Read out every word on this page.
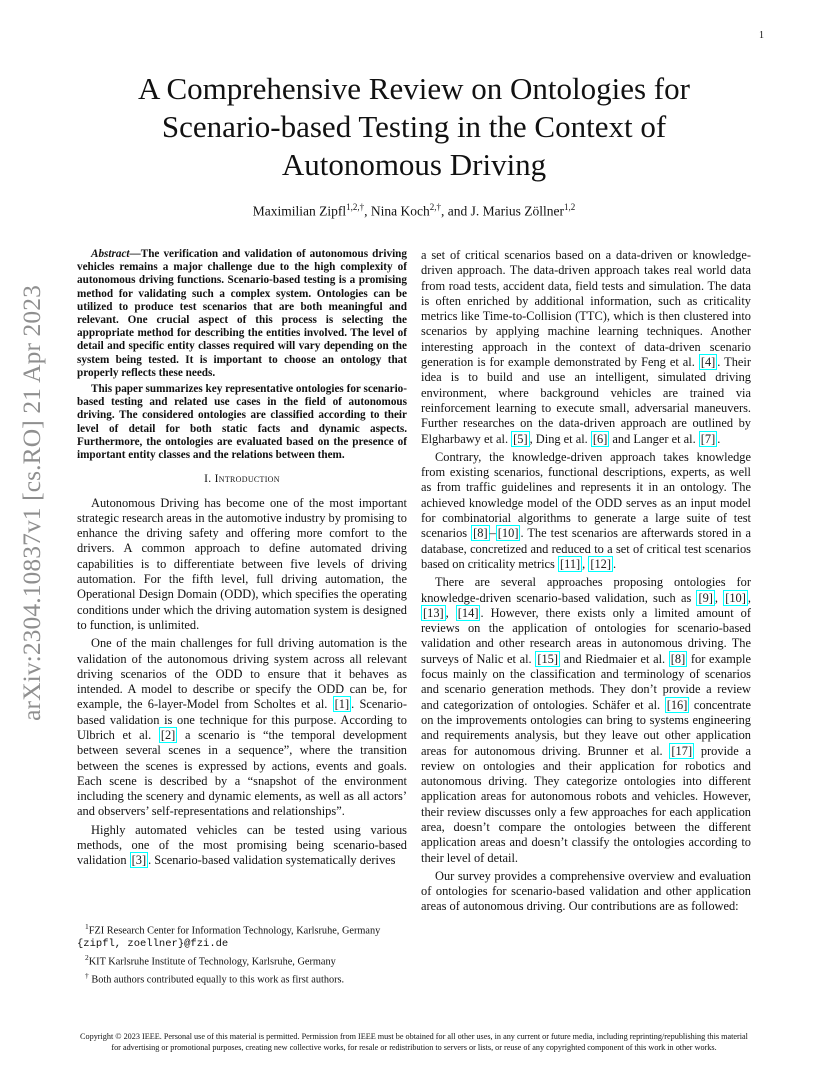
1
arXiv:2304.10837v1 [cs.RO] 21 Apr 2023
A Comprehensive Review on Ontologies for Scenario-based Testing in the Context of Autonomous Driving
Maximilian Zipfl$^{1,2,\dagger}$, Nina Koch$^{2,\dagger}$, and J. Marius Zöllner$^{1,2}$

Abstract—The verification and validation of autonomous driving vehicles remains a major challenge due to the high complexity of autonomous driving functions. Scenario-based testing is a promising method for validating such a complex system. Ontologies can be utilized to produce test scenarios that are both meaningful and relevant. One crucial aspect of this process is selecting the appropriate method for describing the entities involved. The level of detail and specific entity classes required will vary depending on the system being tested. It is important to choose an ontology that properly reflects these needs.

This paper summarizes key representative ontologies for scenario-based testing and related use cases in the field of autonomous driving. The considered ontologies are classified according to their level of detail for both static facts and dynamic aspects. Furthermore, the ontologies are evaluated based on the presence of important entity classes and the relations between them.

I. Introduction

Autonomous Driving has become one of the most important strategic research areas in the automotive industry by promising to enhance the driving safety and offering more comfort to the drivers. A common approach to define automated driving capabilities is to differentiate between five levels of driving automation. For the fifth level, full driving automation, the Operational Design Domain (ODD), which specifies the operating conditions under which the driving automation system is designed to function, is unlimited.

One of the main challenges for full driving automation is the validation of the autonomous driving system across all relevant driving scenarios of the ODD to ensure that it behaves as intended. A model to describe or specify the ODD can be, for example, the 6-layer-Model from Scholtes et al. [1] . Scenario-based validation is one technique for this purpose. According to Ulbrich et al. [2] a scenario is “the temporal development between several scenes in a sequence”, where the transition between the scenes is expressed by actions, events and goals. Each scene is described by a “snapshot of the environment including the scenery and dynamic elements, as well as all actors’ and observers’ self-representations and relationships”.

Highly automated vehicles can be tested using various methods, one of the most promising being scenario-based validation [3] . Scenario-based validation systematically derives

a set of critical scenarios based on a data-driven or knowledge-driven approach. The data-driven approach takes real world data from road tests, accident data, field tests and simulation. The data is often enriched by additional information, such as criticality metrics like Time-to-Collision (TTC), which is then clustered into scenarios by applying machine learning techniques. Another interesting approach in the context of data-driven scenario generation is for example demonstrated by Feng et al. [4] . Their idea is to build and use an intelligent, simulated driving environment, where background vehicles are trained via reinforcement learning to execute small, adversarial maneuvers. Further researches on the data-driven approach are outlined by Elgharbawy et al. [5] , Ding et al. [6] and Langer et al. [7] .

Contrary, the knowledge-driven approach takes knowledge from existing scenarios, functional descriptions, experts, as well as from traffic guidelines and represents it in an ontology. The achieved knowledge model of the ODD serves as an input model for combinatorial algorithms to generate a large suite of test scenarios [8] – [10] . The test scenarios are afterwards stored in a database, concretized and reduced to a set of critical test scenarios based on criticality metrics [11] , [12] .

There are several approaches proposing ontologies for knowledge-driven scenario-based validation, such as [9] , [10] , [13] , [14] . However, there exists only a limited amount of reviews on the application of ontologies for scenario-based validation and other research areas in autonomous driving. The surveys of Nalic et al. [15] and Riedmaier et al. [8] for example focus mainly on the classification and terminology of scenarios and scenario generation methods. They don’t provide a review and categorization of ontologies. Schäfer et al. [16] concentrate on the improvements ontologies can bring to systems engineering and requirements analysis, but they leave out other application areas for autonomous driving. Brunner et al. [17] provide a review on ontologies and their application for robotics and autonomous driving. They categorize ontologies into different application areas for autonomous robots and vehicles. However, their review discusses only a few approaches for each application area, doesn’t compare the ontologies between the different application areas and doesn’t classify the ontologies according to their level of detail.

Our survey provides a comprehensive overview and evaluation of ontologies for scenario-based validation and other application areas of autonomous driving. Our contributions are as followed:

$^1$FZI Research Center for Information Technology, Karlsruhe, Germany

{zipfl, zoellner}@fzi.de

$^2$KIT Karlsruhe Institute of Technology, Karlsruhe, Germany

† Both authors contributed equally to this work as first authors.

Copyright © 2023 IEEE. Personal use of this material is permitted. Permission from IEEE must be obtained for all other uses, in any current or future media, including reprinting/republishing this material for advertising or promotional purposes, creating new collective works, for resale or redistribution to servers or lists, or reuse of any copyrighted component of this work in other works.
